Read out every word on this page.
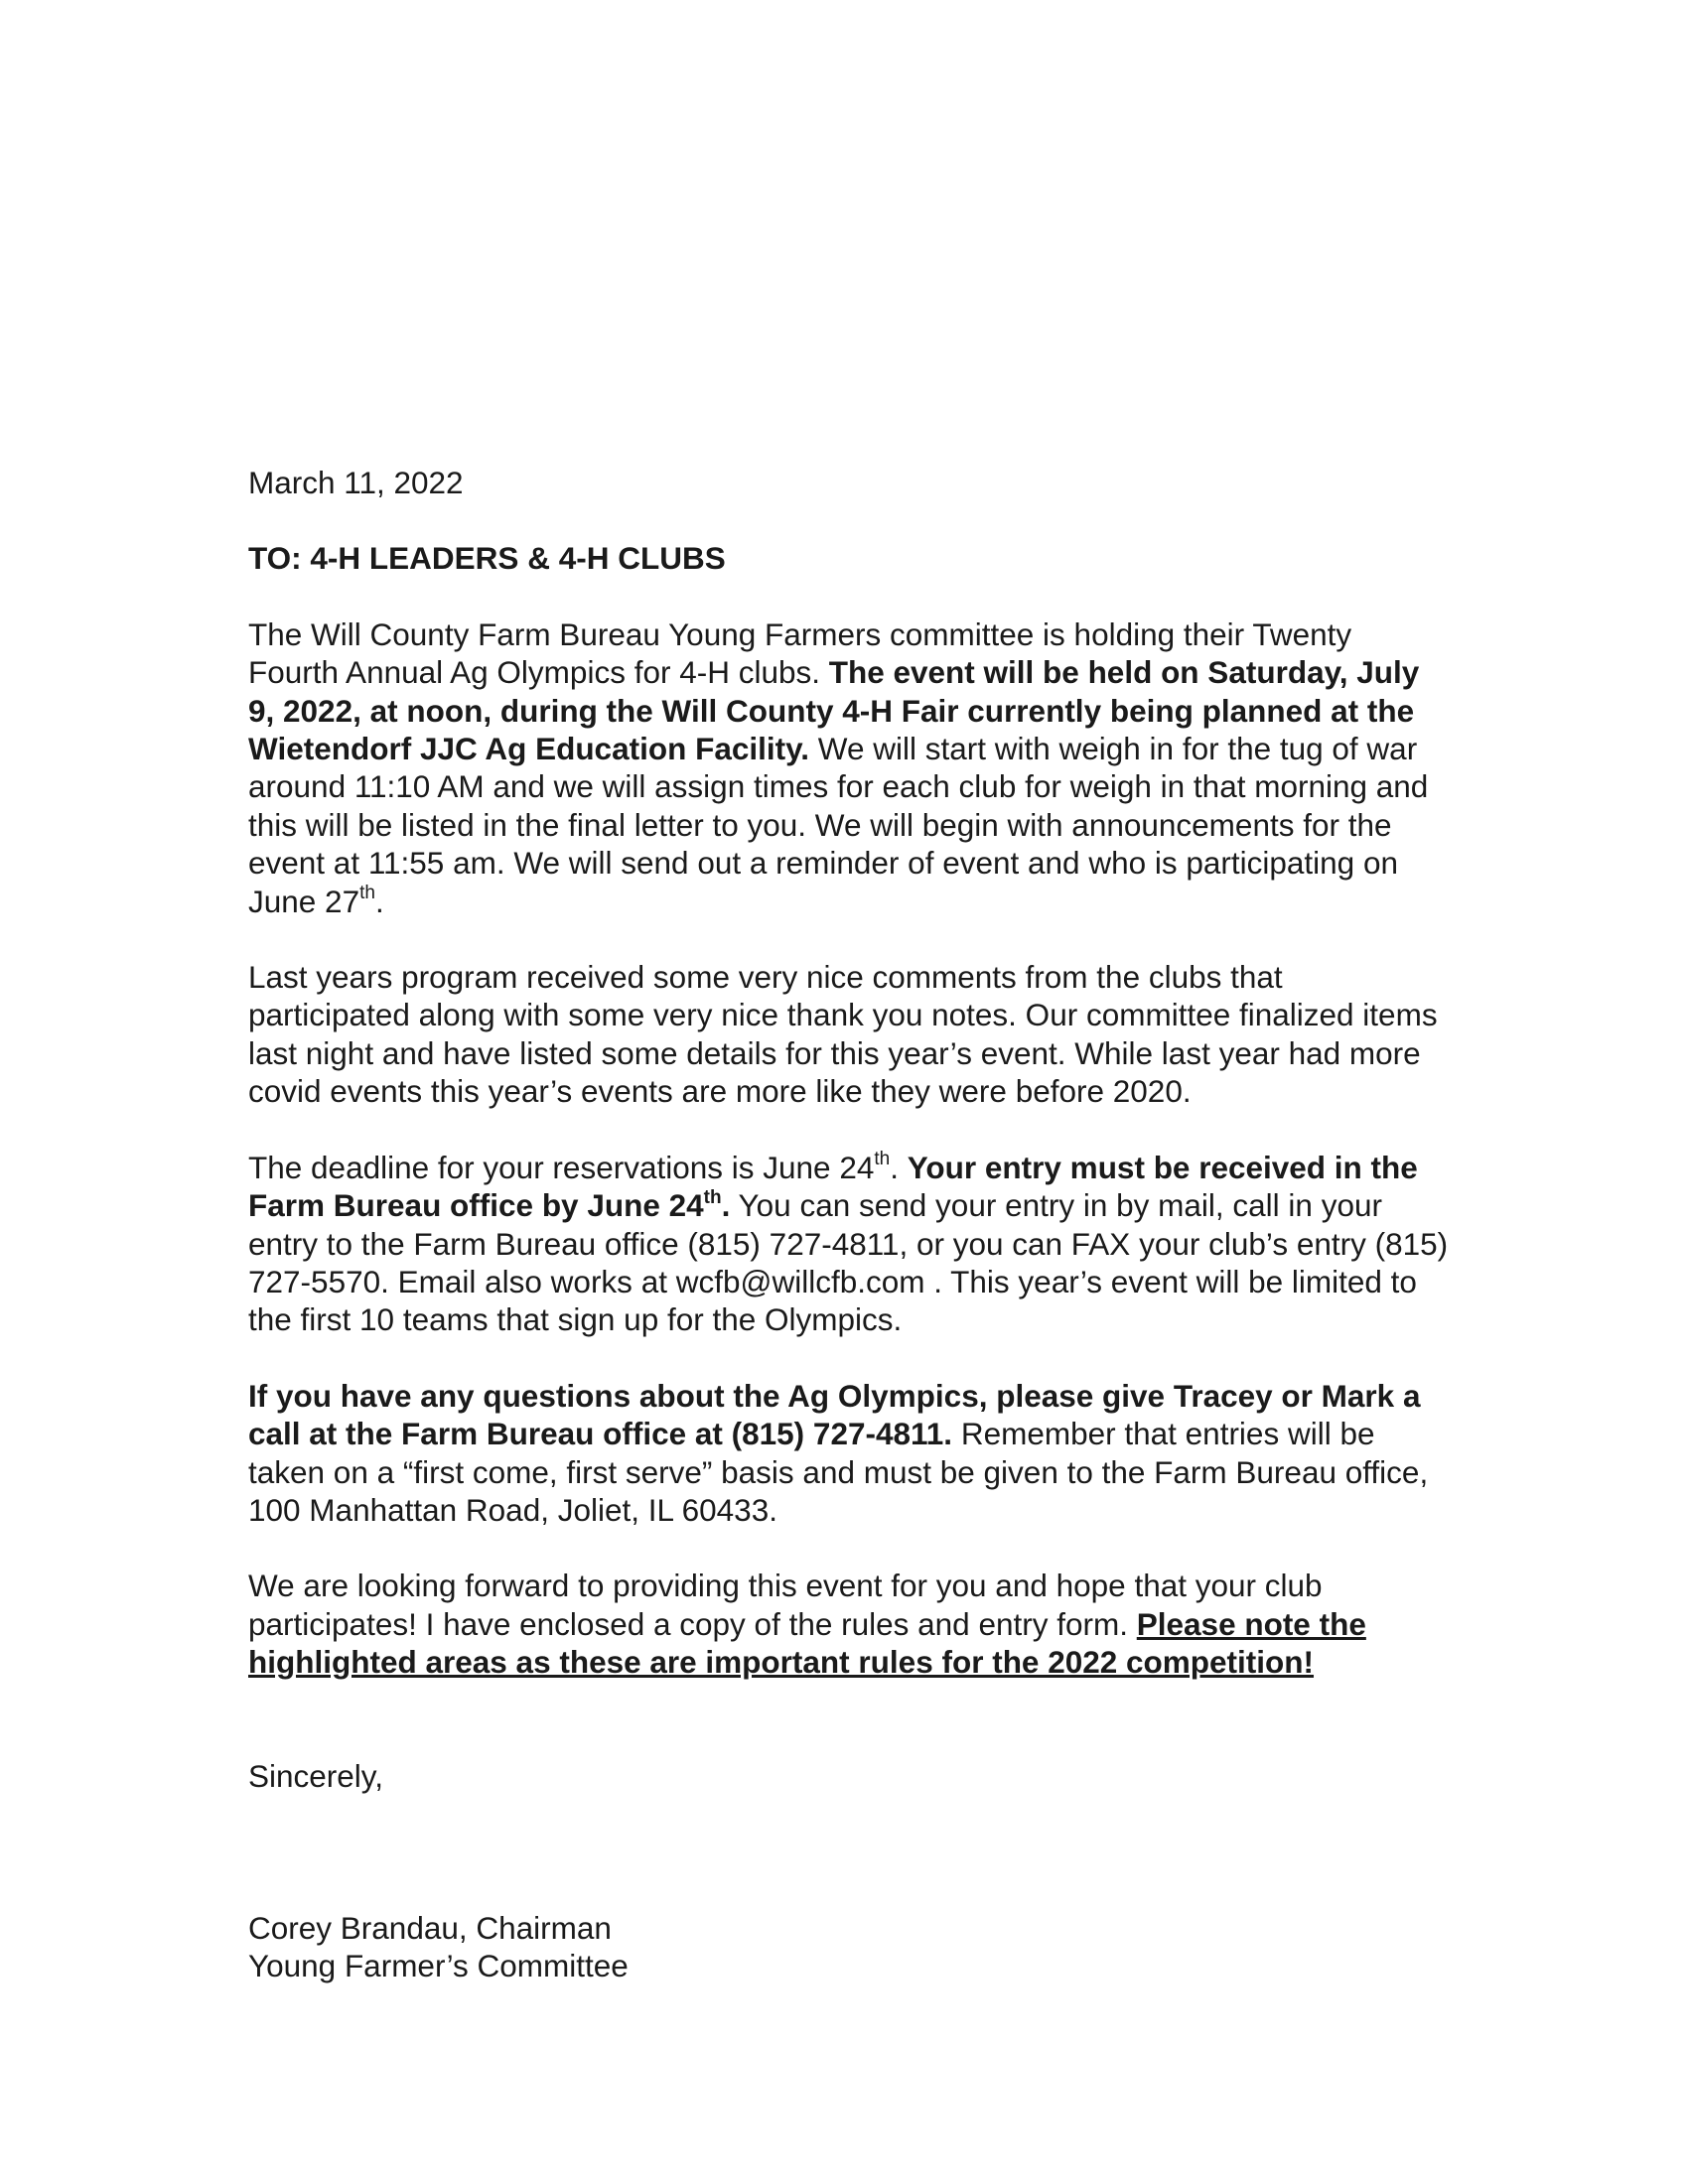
March 11, 2022

TO: 4-H LEADERS & 4-H CLUBS

The Will County Farm Bureau Young Farmers committee is holding their Twenty Fourth Annual Ag Olympics for 4-H clubs. The event will be held on Saturday, July 9, 2022, at noon, during the Will County 4-H Fair currently being planned at the Wietendorf JJC Ag Education Facility. We will start with weigh in for the tug of war around 11:10 AM and we will assign times for each club for weigh in that morning and this will be listed in the final letter to you. We will begin with announcements for the event at 11:55 am. We will send out a reminder of event and who is participating on June 27th.

Last years program received some very nice comments from the clubs that participated along with some very nice thank you notes. Our committee finalized items last night and have listed some details for this year’s event. While last year had more covid events this year’s events are more like they were before 2020.

The deadline for your reservations is June 24th. Your entry must be received in the Farm Bureau office by June 24th. You can send your entry in by mail, call in your entry to the Farm Bureau office (815) 727-4811, or you can FAX your club’s entry (815) 727-5570. Email also works at wcfb@willcfb.com . This year’s event will be limited to the first 10 teams that sign up for the Olympics.

If you have any questions about the Ag Olympics, please give Tracey or Mark a call at the Farm Bureau office at (815) 727-4811. Remember that entries will be taken on a “first come, first serve” basis and must be given to the Farm Bureau office, 100 Manhattan Road, Joliet, IL 60433.

We are looking forward to providing this event for you and hope that your club participates! I have enclosed a copy of the rules and entry form. Please note the highlighted areas as these are important rules for the 2022 competition!

Sincerely,

Corey Brandau, Chairman

Young Farmer’s Committee
